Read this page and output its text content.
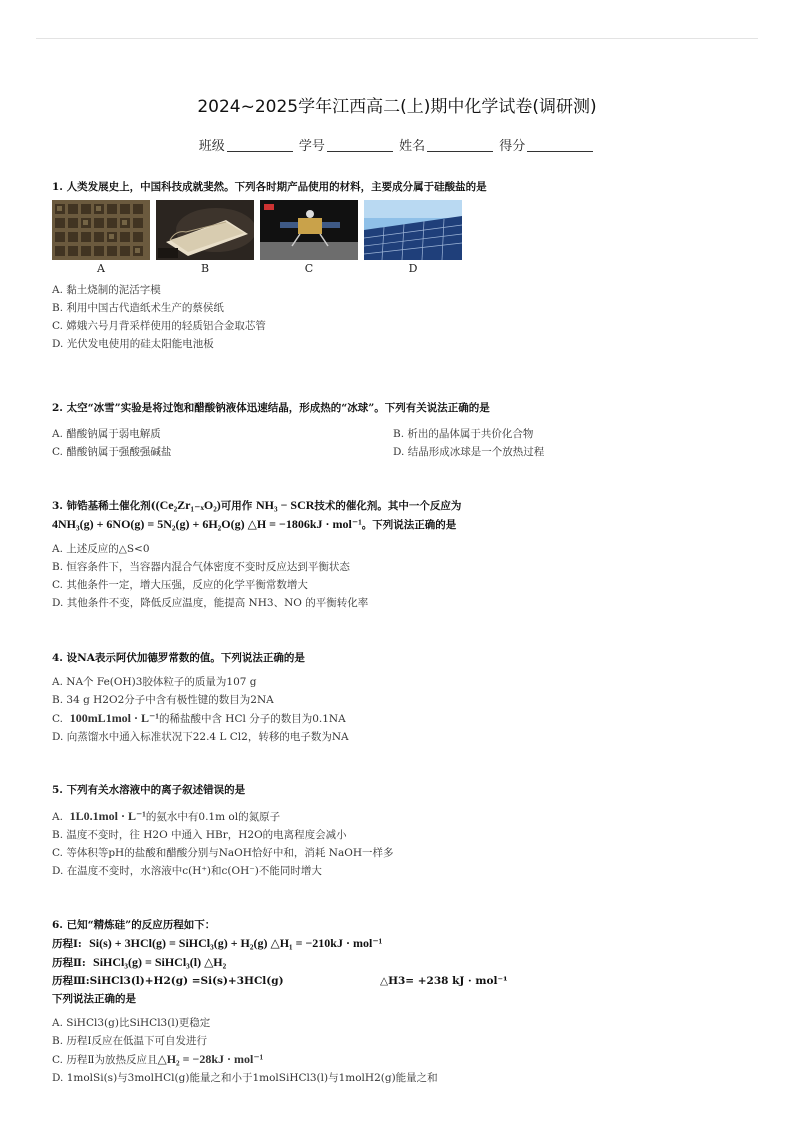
2024~2025学年江西高二(上)期中化学试卷(调研测)
班级	学号	姓名	得分
1. 人类发展史上，中国科技成就斐然。下列各时期产品使用的材料，主要成分属于硅酸盐的是
A	B	C	D
A. 黏土烧制的泥活字模
B. 利用中国古代造纸术生产的蔡侯纸
C. 嫦娥六号月背采样使用的轻质铝合金取芯管
D. 光伏发电使用的硅太阳能电池板
2. 太空“冰雪”实验是将过饱和醋酸钠液体迅速结晶，形成热的“冰球”。下列有关说法正确的是
A. 醋酸钠属于弱电解质	B. 析出的晶体属于共价化合物
C. 醋酸钠属于强酸强碱盐	D. 结晶形成冰球是一个放热过程
3. 铈锆基稀土催化剂((Ce₂Zr₁₋ₓO₂)可用作 NH₃ − SCR技术的催化剂。其中一个反应为
4NH₃(g) + 6NO(g) = 5N₂(g) + 6H₂O(g) △H = −1806kJ · mol⁻¹。下列说法正确的是
A. 上述反应的△S<0
B. 恒容条件下，当容器内混合气体密度不变时反应达到平衡状态
C. 其他条件一定，增大压强，反应的化学平衡常数增大
D. 其他条件不变，降低反应温度，能提高 NH3、NO 的平衡转化率
4. 设NA表示阿伏加德罗常数的值。下列说法正确的是
A. NA个 Fe(OH)3胶体粒子的质量为107 g
B. 34 g H2O2分子中含有极性键的数目为2NA
C. 100mL1mol · L⁻¹的稀盐酸中含 HCl 分子的数目为0.1NA
D. 向蒸馏水中通入标准状况下22.4 L Cl2，转移的电子数为NA
5. 下列有关水溶液中的离子叙述错误的是
A. 1L0.1mol · L⁻¹的氨水中有0.1m ol的氮原子
B. 温度不变时，往 H2O 中通入 HBr，H2O的电离程度会减小
C. 等体积等pH的盐酸和醋酸分别与NaOH恰好中和，消耗 NaOH一样多
D. 在温度不变时，水溶液中c(H⁺)和c(OH⁻)不能同时增大
6. 已知“精炼硅”的反应历程如下：
历程Ⅰ: Si(s) + 3HCl(g) = SiHCl₃(g) + H₂(g) △H₁ = −210kJ · mol⁻¹
历程Ⅱ: SiHCl₃(g) = SiHCl₃(l) △H₂
历程Ⅲ:SiHCl3(l)+H2(g) =Si(s)+3HCl(g)	△H3= +238 kJ · mol⁻¹
下列说法正确的是
A. SiHCl3(g)比SiHCl3(l)更稳定
B. 历程Ⅰ反应在低温下可自发进行
C. 历程Ⅱ为放热反应且△H₂ = −28kJ · mol⁻¹
D. 1molSi(s)与3molHCl(g)能量之和小于1molSiHCl3(l)与1molH2(g)能量之和
